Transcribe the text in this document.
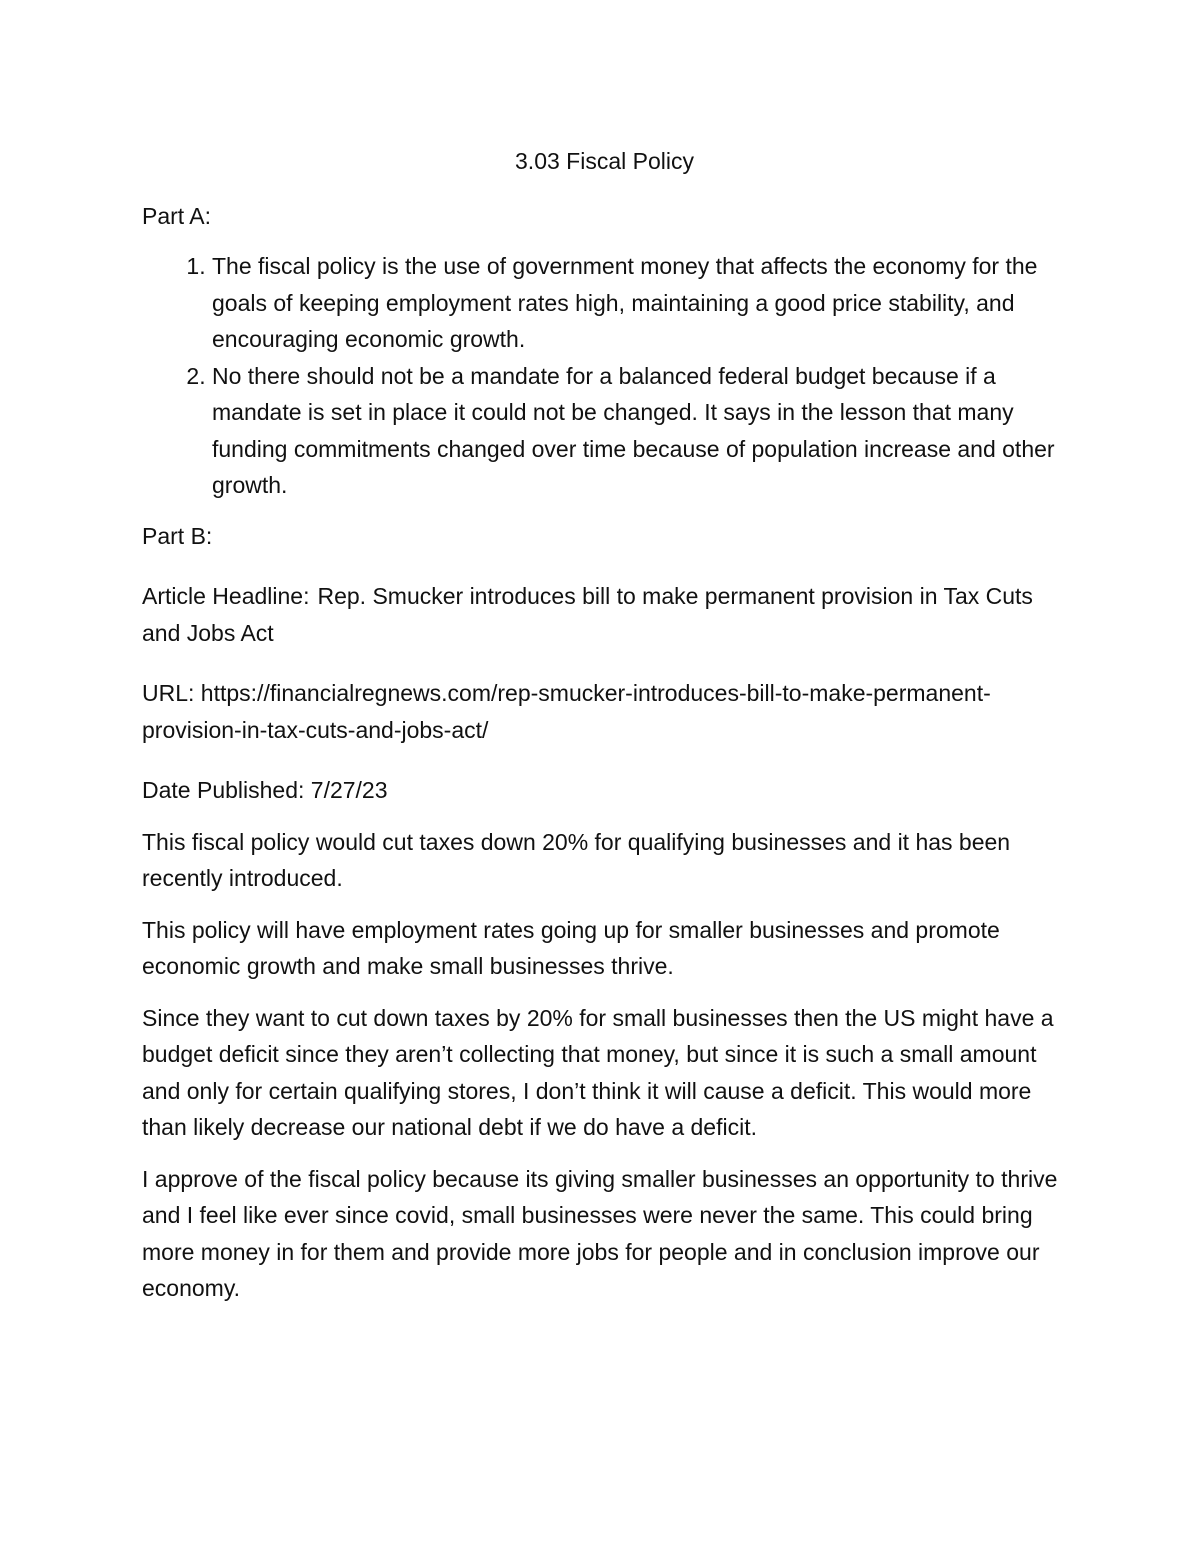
3.03 Fiscal Policy
Part A:
1. The fiscal policy is the use of government money that affects the economy for the goals of keeping employment rates high, maintaining a good price stability, and encouraging economic growth.
2. No there should not be a mandate for a balanced federal budget because if a mandate is set in place it could not be changed. It says in the lesson that many funding commitments changed over time because of population increase and other growth.
Part B:
Article Headline: Rep. Smucker introduces bill to make permanent provision in Tax Cuts and Jobs Act
URL: https://financialregnews.com/rep-smucker-introduces-bill-to-make-permanent-provision-in-tax-cuts-and-jobs-act/
Date Published: 7/27/23
This fiscal policy would cut taxes down 20% for qualifying businesses and it has been recently introduced.
This policy will have employment rates going up for smaller businesses and promote economic growth and make small businesses thrive.
Since they want to cut down taxes by 20% for small businesses then the US might have a budget deficit since they aren’t collecting that money, but since it is such a small amount and only for certain qualifying stores, I don’t think it will cause a deficit. This would more than likely decrease our national debt if we do have a deficit.
I approve of the fiscal policy because its giving smaller businesses an opportunity to thrive and I feel like ever since covid, small businesses were never the same. This could bring more money in for them and provide more jobs for people and in conclusion improve our economy.
